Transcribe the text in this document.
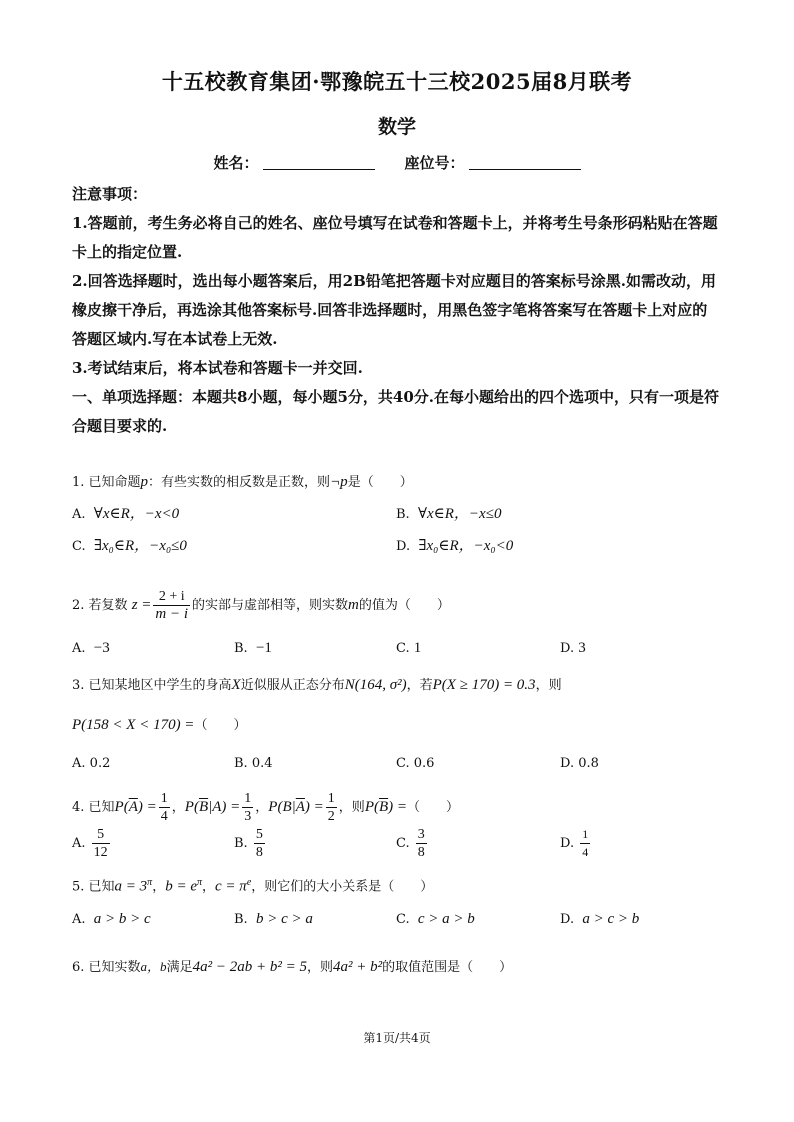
十五校教育集团·鄂豫皖五十三校2025届8月联考
数学
姓名：	座位号：
注意事项：
1.答题前，考生务必将自己的姓名、座位号填写在试卷和答题卡上，并将考生号条形码粘贴在答题卡上的指定位置.
2.回答选择题时，选出每小题答案后，用2B铅笔把答题卡对应题目的答案标号涂黑.如需改动，用橡皮擦干净后，再选涂其他答案标号.回答非选择题时，用黑色签字笔将答案写在答题卡上对应的答题区域内.写在本试卷上无效.
3.考试结束后，将本试卷和答题卡一并交回.
一、单项选择题：本题共8小题，每小题5分，共40分.在每小题给出的四个选项中，只有一项是符合题目要求的.
1. 已知命题p：有些实数的相反数是正数，则¬p是（　　）
A. ∀x∈R，−x<0	B. ∀x∈R，−x≤0
C. ∃x₀∈R，−x₀≤0	D. ∃x₀∈R，−x₀<0
2. 若复数 $z = \frac{2 + i}{m - i}$ 的实部与虚部相等，则实数m的值为（　　）
A. −3	B. −1	C. 1	D. 3
3. 已知某地区中学生的身高X近似服从正态分布N(164, σ²)，若P(X ≥ 170) = 0.3，则
P(158 < X < 170) =（　　）
A. 0.2	B. 0.4	C. 0.6	D. 0.8
4. 已知$P(\overline{A}) = \frac{1}{4}$ ，$P(\overline{B}|A) = \frac{1}{3}$ ，$P(B|\overline{A}) = \frac{1}{2}$ ，则$P(\overline{B})$ =（　　）
A. $\frac{5}{12}$	B. $\frac{5}{8}$	C. $\frac{3}{8}$	D. $\frac{1}{4}$
5. 已知$a = 3^\pi$，$b = e^\pi$，$c = \pi^e$，则它们的大小关系是（　　）
A. a > b > c	B. b > c > a	C. c > a > b	D. a > c > b
6. 已知实数a，b满足4a² − 2ab + b² = 5，则4a² + b²的取值范围是（　　）
第1页/共4页
